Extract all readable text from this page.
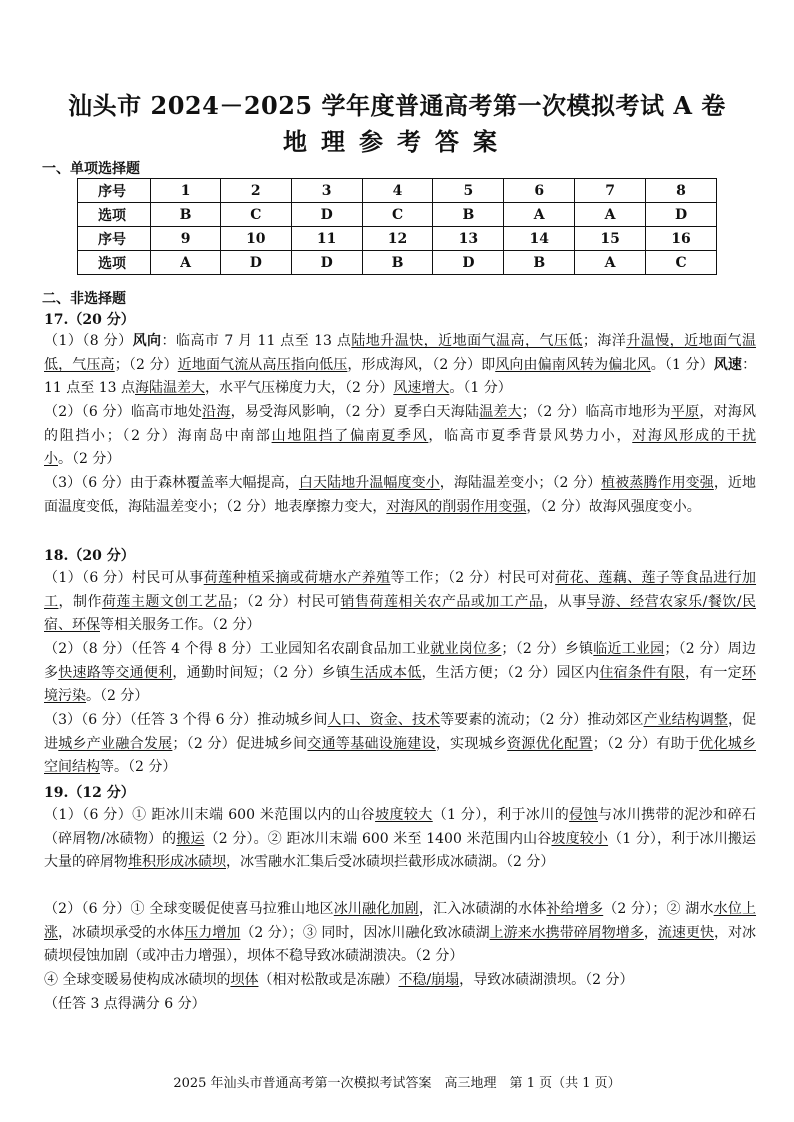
汕头市 2024－2025 学年度普通高考第一次模拟考试 A 卷
地理参考答案
一、单项选择题
序号	1	2	3	4	5	6	7	8
选项	B	C	D	C	B	A	A	D
序号	9	10	11	12	13	14	15	16
选项	A	D	D	B	D	B	A	C
二、非选择题
17.（20 分）
（1）（8 分）风向：临高市 7 月 11 点至 13 点陆地升温快，近地面气温高，气压低；海洋升温慢，近地面气温低，气压高；（2 分）近地面气流从高压指向低压，形成海风，（2 分）即风向由偏南风转为偏北风。（1 分）风速：11 点至 13 点海陆温差大，水平气压梯度力大，（2 分）风速增大。（1 分）
（2）（6 分）临高市地处沿海，易受海风影响，（2 分）夏季白天海陆温差大；（2 分）临高市地形为平原，对海风的阻挡小；（2 分）海南岛中南部山地阻挡了偏南夏季风，临高市夏季背景风势力小，对海风形成的干扰小。（2 分）
（3）（6 分）由于森林覆盖率大幅提高，白天陆地升温幅度变小，海陆温差变小；（2 分）植被蒸腾作用变强，近地面温度变低，海陆温差变小；（2 分）地表摩擦力变大，对海风的削弱作用变强，（2 分）故海风强度变小。
18.（20 分）
（1）（6 分）村民可从事荷莲种植采摘或荷塘水产养殖等工作；（2 分）村民可对荷花、莲藕、莲子等食品进行加工，制作荷莲主题文创工艺品；（2 分）村民可销售荷莲相关农产品或加工产品，从事导游、经营农家乐/餐饮/民宿、环保等相关服务工作。（2 分）
（2）（8 分）（任答 4 个得 8 分）工业园知名农副食品加工业就业岗位多；（2 分）乡镇临近工业园；（2 分）周边多快速路等交通便利，通勤时间短；（2 分）乡镇生活成本低，生活方便；（2 分）园区内住宿条件有限，有一定环境污染。（2 分）
（3）（6 分）（任答 3 个得 6 分）推动城乡间人口、资金、技术等要素的流动；（2 分）推动郊区产业结构调整，促进城乡产业融合发展；（2 分）促进城乡间交通等基础设施建设，实现城乡资源优化配置；（2 分）有助于优化城乡空间结构等。（2 分）
19.（12 分）
（1）（6 分）① 距冰川末端 600 米范围以内的山谷坡度较大（1 分），利于冰川的侵蚀与冰川携带的泥沙和碎石（碎屑物/冰碛物）的搬运（2 分）。② 距冰川末端 600 米至 1400 米范围内山谷坡度较小（1 分），利于冰川搬运大量的碎屑物堆积形成冰碛坝，冰雪融水汇集后受冰碛坝拦截形成冰碛湖。（2 分）
（2）（6 分）① 全球变暖促使喜马拉雅山地区冰川融化加剧，汇入冰碛湖的水体补给增多（2 分）；② 湖水水位上涨，冰碛坝承受的水体压力增加（2 分）；③ 同时，因冰川融化致冰碛湖上游来水携带碎屑物增多，流速更快，对冰碛坝侵蚀加剧（或冲击力增强），坝体不稳导致冰碛湖溃决。（2 分）
④ 全球变暖易使构成冰碛坝的坝体（相对松散或是冻融）不稳/崩塌，导致冰碛湖溃坝。（2 分）
（任答 3 点得满分 6 分）
2025 年汕头市普通高考第一次模拟考试答案　高三地理　第 1 页（共 1 页）
